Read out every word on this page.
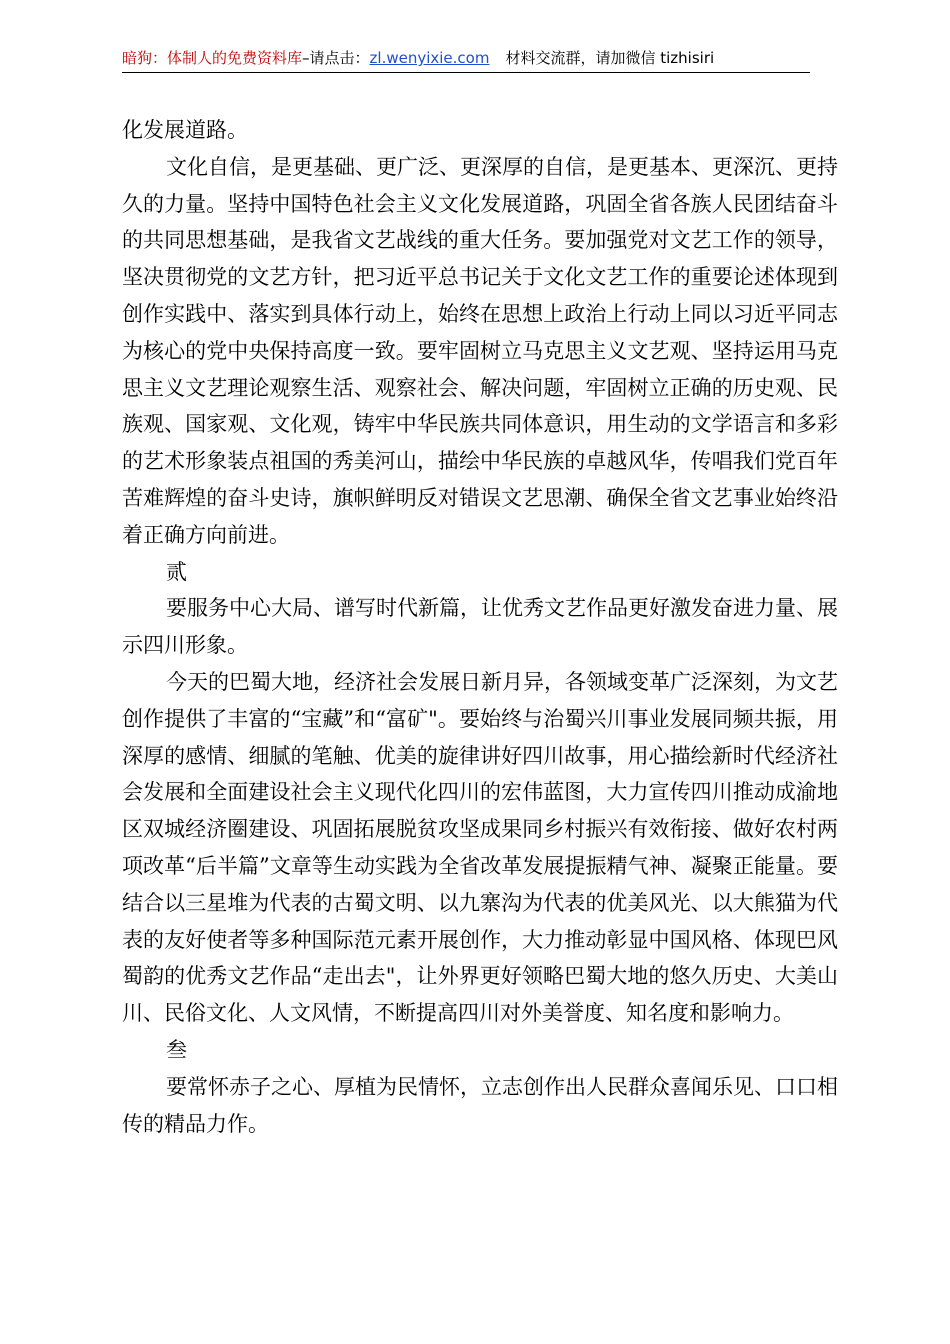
暗狗：体制人的免费资料库–请点击：zl.wenyixie.com 材料交流群，请加微信 tizhisiri

化发展道路。

文化自信，是更基础、更广泛、更深厚的自信，是更基本、更深沉、更持久的力量。坚持中国特色社会主义文化发展道路，巩固全省各族人民团结奋斗的共同思想基础，是我省文艺战线的重大任务。要加强党对文艺工作的领导，坚决贯彻党的文艺方针，把习近平总书记关于文化文艺工作的重要论述体现到创作实践中、落实到具体行动上，始终在思想上政治上行动上同以习近平同志为核心的党中央保持高度一致。要牢固树立马克思主义文艺观、坚持运用马克思主义文艺理论观察生活、观察社会、解决问题，牢固树立正确的历史观、民族观、国家观、文化观，铸牢中华民族共同体意识，用生动的文学语言和多彩的艺术形象装点祖国的秀美河山，描绘中华民族的卓越风华，传唱我们党百年苦难辉煌的奋斗史诗，旗帜鲜明反对错误文艺思潮、确保全省文艺事业始终沿着正确方向前进。

贰

要服务中心大局、谱写时代新篇，让优秀文艺作品更好激发奋进力量、展示四川形象。

今天的巴蜀大地，经济社会发展日新月异，各领域变革广泛深刻，为文艺创作提供了丰富的“宝藏”和“富矿"。要始终与治蜀兴川事业发展同频共振，用深厚的感情、细腻的笔触、优美的旋律讲好四川故事，用心描绘新时代经济社会发展和全面建设社会主义现代化四川的宏伟蓝图，大力宣传四川推动成渝地区双城经济圈建设、巩固拓展脱贫攻坚成果同乡村振兴有效衔接、做好农村两项改革“后半篇”文章等生动实践为全省改革发展提振精气神、凝聚正能量。要结合以三星堆为代表的古蜀文明、以九寨沟为代表的优美风光、以大熊猫为代表的友好使者等多种国际范元素开展创作，大力推动彰显中国风格、体现巴风蜀韵的优秀文艺作品“走出去"，让外界更好领略巴蜀大地的悠久历史、大美山川、民俗文化、人文风情，不断提高四川对外美誉度、知名度和影响力。

叁

要常怀赤子之心、厚植为民情怀，立志创作出人民群众喜闻乐见、口口相传的精品力作。
